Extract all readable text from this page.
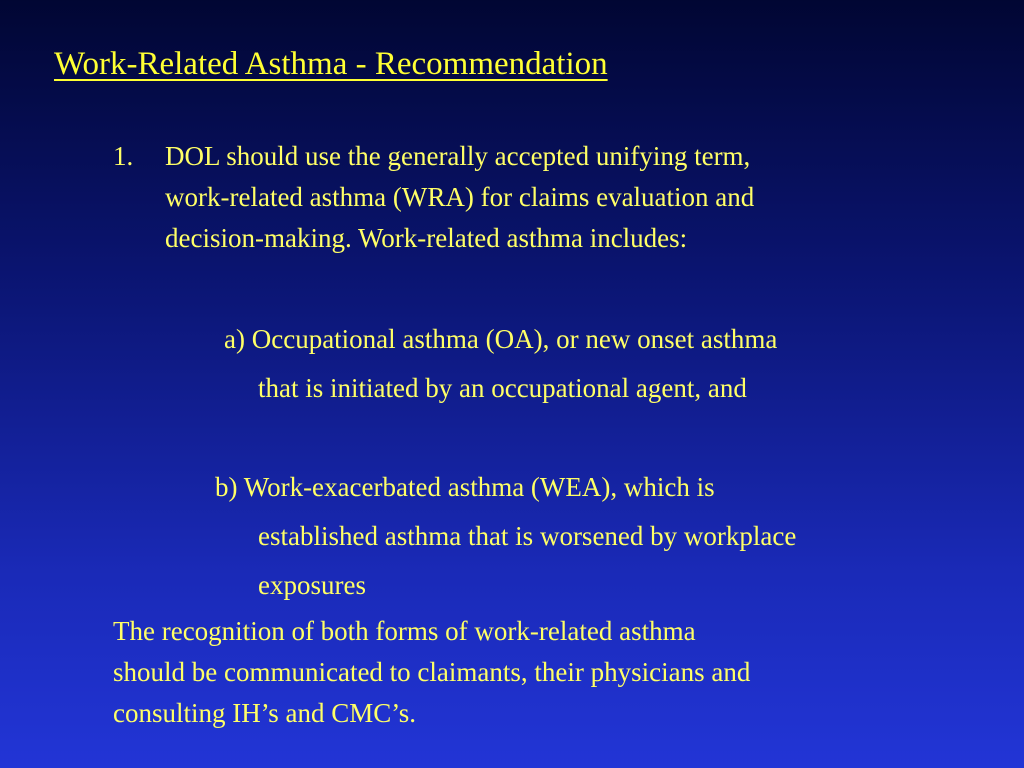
Work-Related Asthma - Recommendation
1. DOL should use the generally accepted unifying term,
work-related asthma (WRA) for claims evaluation and
decision-making. Work-related asthma includes:
a) Occupational asthma (OA), or new onset asthma
that is initiated by an occupational agent, and
b) Work-exacerbated asthma (WEA), which is
established asthma that is worsened by workplace
exposures
The recognition of both forms of work-related asthma
should be communicated to claimants, their physicians and
consulting IH’s and CMC’s.
